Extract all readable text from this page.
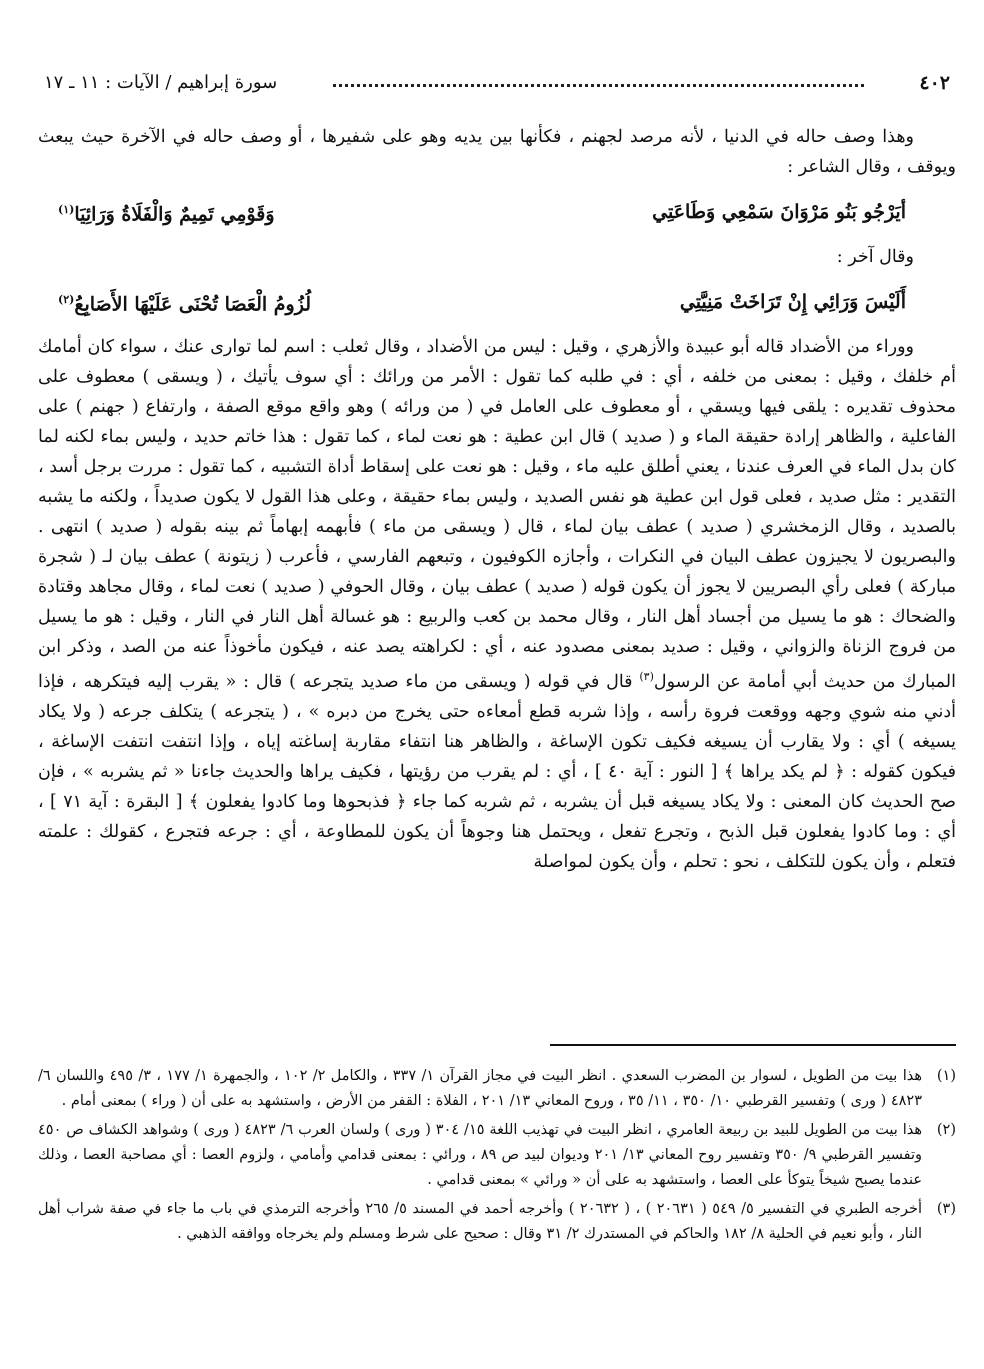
٤٠٢
سورة إبراهيم / الآيات : ١١ ـ ١٧

وهذا وصف حاله في الدنيا ، لأنه مرصد لجهنم ، فكأنها بين يديه وهو على شفيرها ، أو وصف حاله في الآخرة حيث يبعث ويوقف ، وقال الشاعر :

أيَرْجُو بَنُو مَرْوَانَ سَمْعِي وَطَاعَتِي
وَقَوْمِي تَمِيمٌ وَالْفَلَاةُ وَرَائِيَا$^{(١)}$

وقال آخر :

أَلَيْسَ وَرَائِي إِنْ تَرَاخَتْ مَنِيَّتِي
لُزُومُ الْعَصَا تُحْنَى عَلَيْهَا الأَصَابِعُ$^{(٢)}$

ووراء من الأضداد قاله أبو عبيدة والأزهري ، وقيل : ليس من الأضداد ، وقال ثعلب : اسم لما توارى عنك ، سواء كان أمامك أم خلفك ، وقيل : بمعنى من خلفه ، أي : في طلبه كما تقول : الأمر من ورائك : أي سوف يأتيك ، ( ويسقى ) معطوف على محذوف تقديره : يلقى فيها ويسقي ، أو معطوف على العامل في ( من ورائه ) وهو واقع موقع الصفة ، وارتفاع ( جهنم ) على الفاعلية ، والظاهر إرادة حقيقة الماء و ( صديد ) قال ابن عطية : هو نعت لماء ، كما تقول : هذا خاتم حديد ، وليس بماء لكنه لما كان بدل الماء في العرف عندنا ، يعني أطلق عليه ماء ، وقيل : هو نعت على إسقاط أداة التشبيه ، كما تقول : مررت برجل أسد ، التقدير : مثل صديد ، فعلى قول ابن عطية هو نفس الصديد ، وليس بماء حقيقة ، وعلى هذا القول لا يكون صديداً ، ولكنه ما يشبه بالصديد ، وقال الزمخشري ( صديد ) عطف بيان لماء ، قال ( ويسقى من ماء ) فأبهمه إبهاماً ثم بينه بقوله ( صديد ) انتهى . والبصريون لا يجيزون عطف البيان في النكرات ، وأجازه الكوفيون ، وتبعهم الفارسي ، فأعرب ( زيتونة ) عطف بيان لـ ( شجرة مباركة ) فعلى رأي البصريين لا يجوز أن يكون قوله ( صديد ) عطف بيان ، وقال الحوفي ( صديد ) نعت لماء ، وقال مجاهد وقتادة والضحاك : هو ما يسيل من أجساد أهل النار ، وقال محمد بن كعب والربيع : هو غسالة أهل النار في النار ، وقيل : هو ما يسيل من فروج الزناة والزواني ، وقيل : صديد بمعنى مصدود عنه ، أي : لكراهته يصد عنه ، فيكون مأخوذاً عنه من الصد ، وذكر ابن المبارك من حديث أبي أمامة عن الرسول$^{(٣)}$ قال في قوله ( ويسقى من ماء صديد يتجرعه ) قال : « يقرب إليه فيتكرهه ، فإذا أدني منه شوي وجهه ووقعت فروة رأسه ، وإذا شربه قطع أمعاءه حتى يخرج من دبره » ، ( يتجرعه ) يتكلف جرعه ( ولا يكاد يسيغه ) أي : ولا يقارب أن يسيغه فكيف تكون الإساغة ، والظاهر هنا انتفاء مقاربة إساغته إياه ، وإذا انتفت انتفت الإساغة ، فيكون كقوله : ﴿ لم يكد يراها ﴾ [ النور : آية ٤٠ ] ، أي : لم يقرب من رؤيتها ، فكيف يراها والحديث جاءنا « ثم يشربه » ، فإن صح الحديث كان المعنى : ولا يكاد يسيغه قبل أن يشربه ، ثم شربه كما جاء ﴿ فذبحوها وما كادوا يفعلون ﴾ [ البقرة : آية ٧١ ] ، أي : وما كادوا يفعلون قبل الذبح ، وتجرع تفعل ، ويحتمل هنا وجوهاً أن يكون للمطاوعة ، أي : جرعه فتجرع ، كقولك : علمته فتعلم ، وأن يكون للتكلف ، نحو : تحلم ، وأن يكون لمواصلة

(١)
هذا بيت من الطويل ، لسوار بن المضرب السعدي . انظر البيت في مجاز القرآن ١/ ٣٣٧ ، والكامل ٢/ ١٠٢ ، والجمهرة ١/ ١٧٧ ، ٣/ ٤٩٥ واللسان ٦/ ٤٨٢٣ ( ورى ) وتفسير القرطبي ١٠/ ٣٥٠ ، ١١/ ٣٥ ، وروح المعاني ١٣/ ٢٠١ ، الفلاة : القفر من الأرض ، واستشهد به على أن ( وراء ) بمعنى أمام .
(٢)
هذا بيت من الطويل للبيد بن ربيعة العامري ، انظر البيت في تهذيب اللغة ١٥/ ٣٠٤ ( ورى ) ولسان العرب ٦/ ٤٨٢٣ ( ورى ) وشواهد الكشاف ص ٤٥٠ وتفسير القرطبي ٩/ ٣٥٠ وتفسير روح المعاني ١٣/ ٢٠١ وديوان لبيد ص ٨٩ ، ورائي : بمعنى قدامي وأمامي ، ولزوم العصا : أي مصاحبة العصا ، وذلك عندما يصبح شيخاً يتوكأ على العصا ، واستشهد به على أن « ورائي » بمعنى قدامي .
(٣)
أخرجه الطبري في التفسير ٥/ ٥٤٩ ( ٢٠٦٣١ ) ، ( ٢٠٦٣٢ ) وأخرجه أحمد في المسند ٥/ ٢٦٥ وأخرجه الترمذي في باب ما جاء في صفة شراب أهل النار ، وأبو نعيم في الحلية ٨/ ١٨٢ والحاكم في المستدرك ٢/ ٣١ وقال : صحيح على شرط ومسلم ولم يخرجاه ووافقه الذهبي .
